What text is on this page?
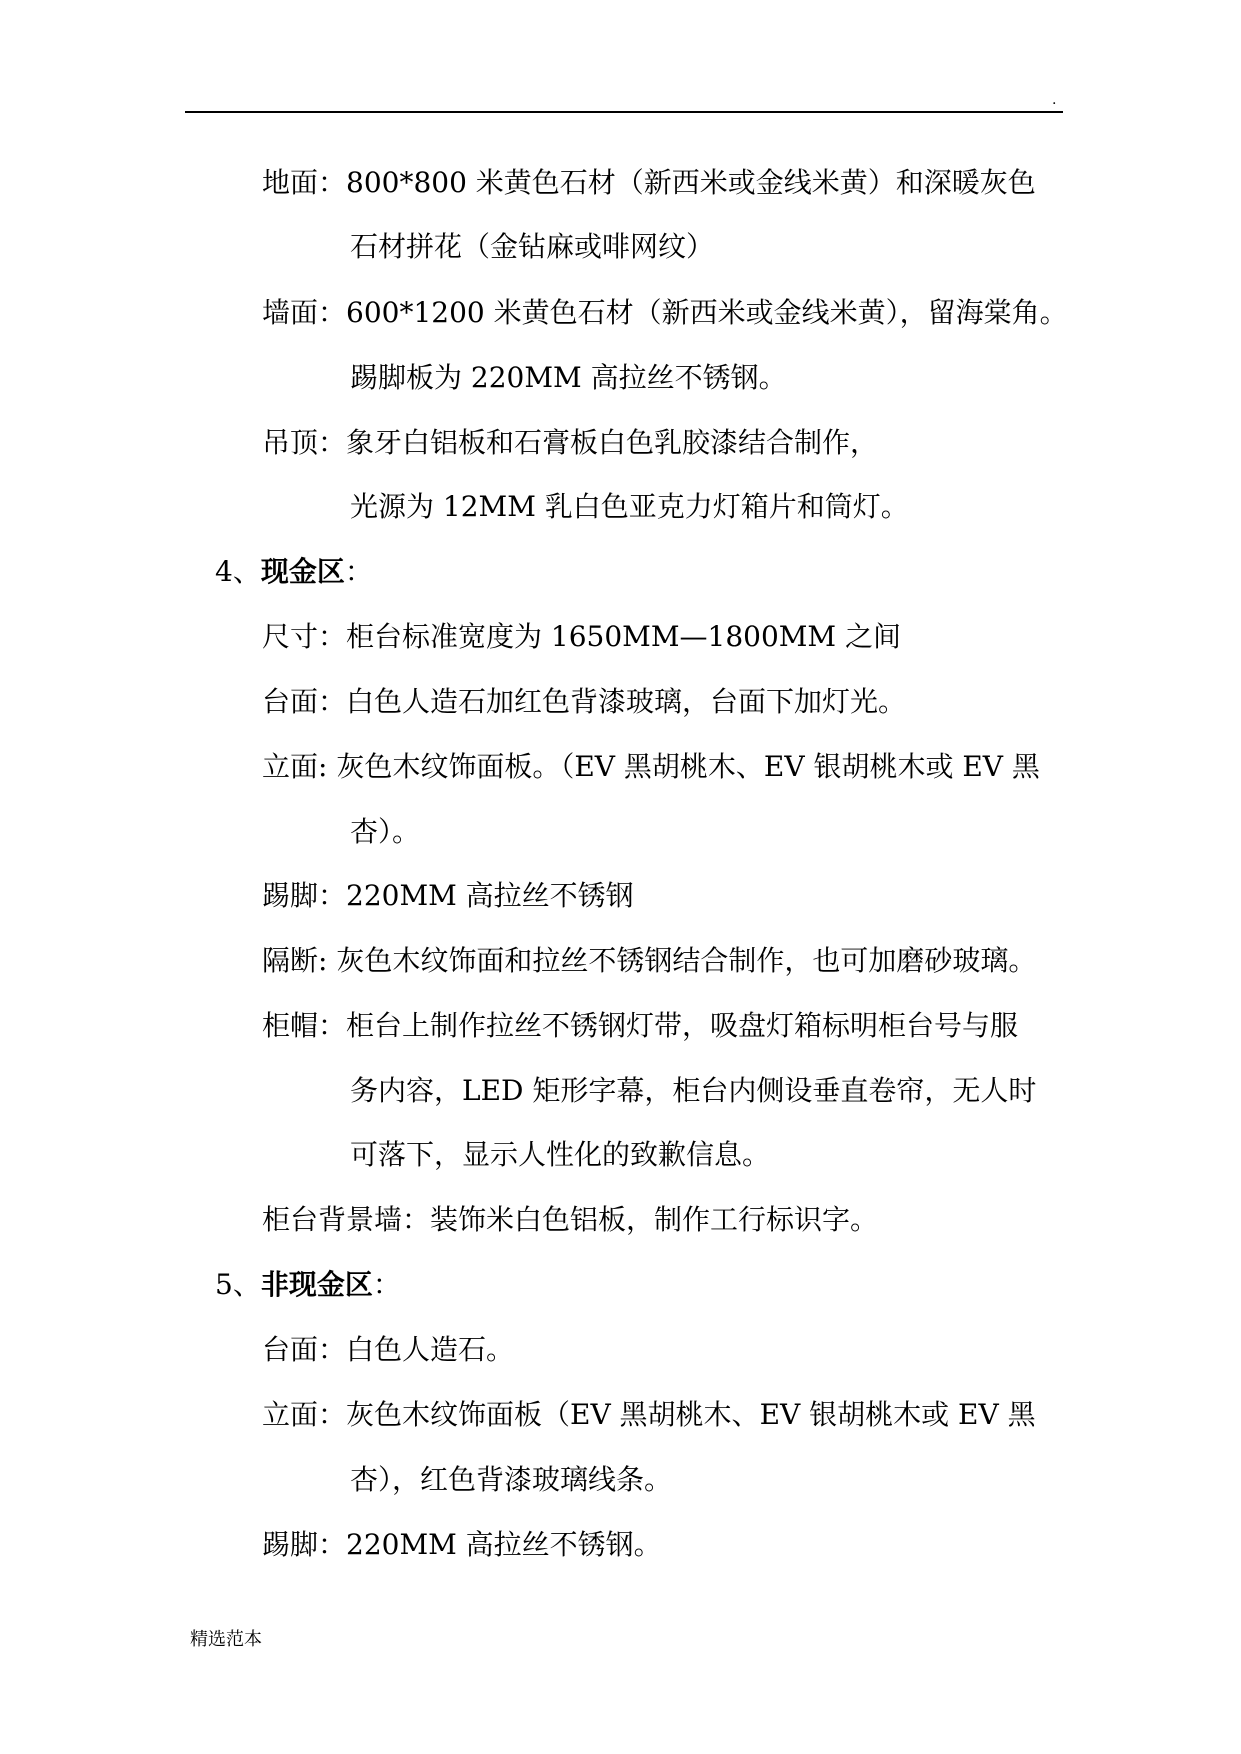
.
地面：800*800 米黄色石材（新西米或金线米黄）和深暖灰色
石材拼花（金钻麻或啡网纹）
墙面：600*1200 米黄色石材（新西米或金线米黄），留海棠角。
踢脚板为 220MM 高拉丝不锈钢。
吊顶：象牙白铝板和石膏板白色乳胶漆结合制作，
光源为 12MM 乳白色亚克力灯箱片和筒灯。
4、现金区：
尺寸：柜台标准宽度为 1650MM—1800MM 之间
台面：白色人造石加红色背漆玻璃，台面下加灯光。
立面: 灰色木纹饰面板。（EV 黑胡桃木、EV 银胡桃木或 EV 黑
杏）。
踢脚：220MM 高拉丝不锈钢
隔断: 灰色木纹饰面和拉丝不锈钢结合制作，也可加磨砂玻璃。
柜帽：柜台上制作拉丝不锈钢灯带，吸盘灯箱标明柜台号与服
务内容，LED 矩形字幕，柜台内侧设垂直卷帘，无人时
可落下，显示人性化的致歉信息。
柜台背景墙：装饰米白色铝板，制作工行标识字。
5、非现金区：
台面：白色人造石。
立面：灰色木纹饰面板（EV 黑胡桃木、EV 银胡桃木或 EV 黑
杏），红色背漆玻璃线条。
踢脚：220MM 高拉丝不锈钢。
精选范本
